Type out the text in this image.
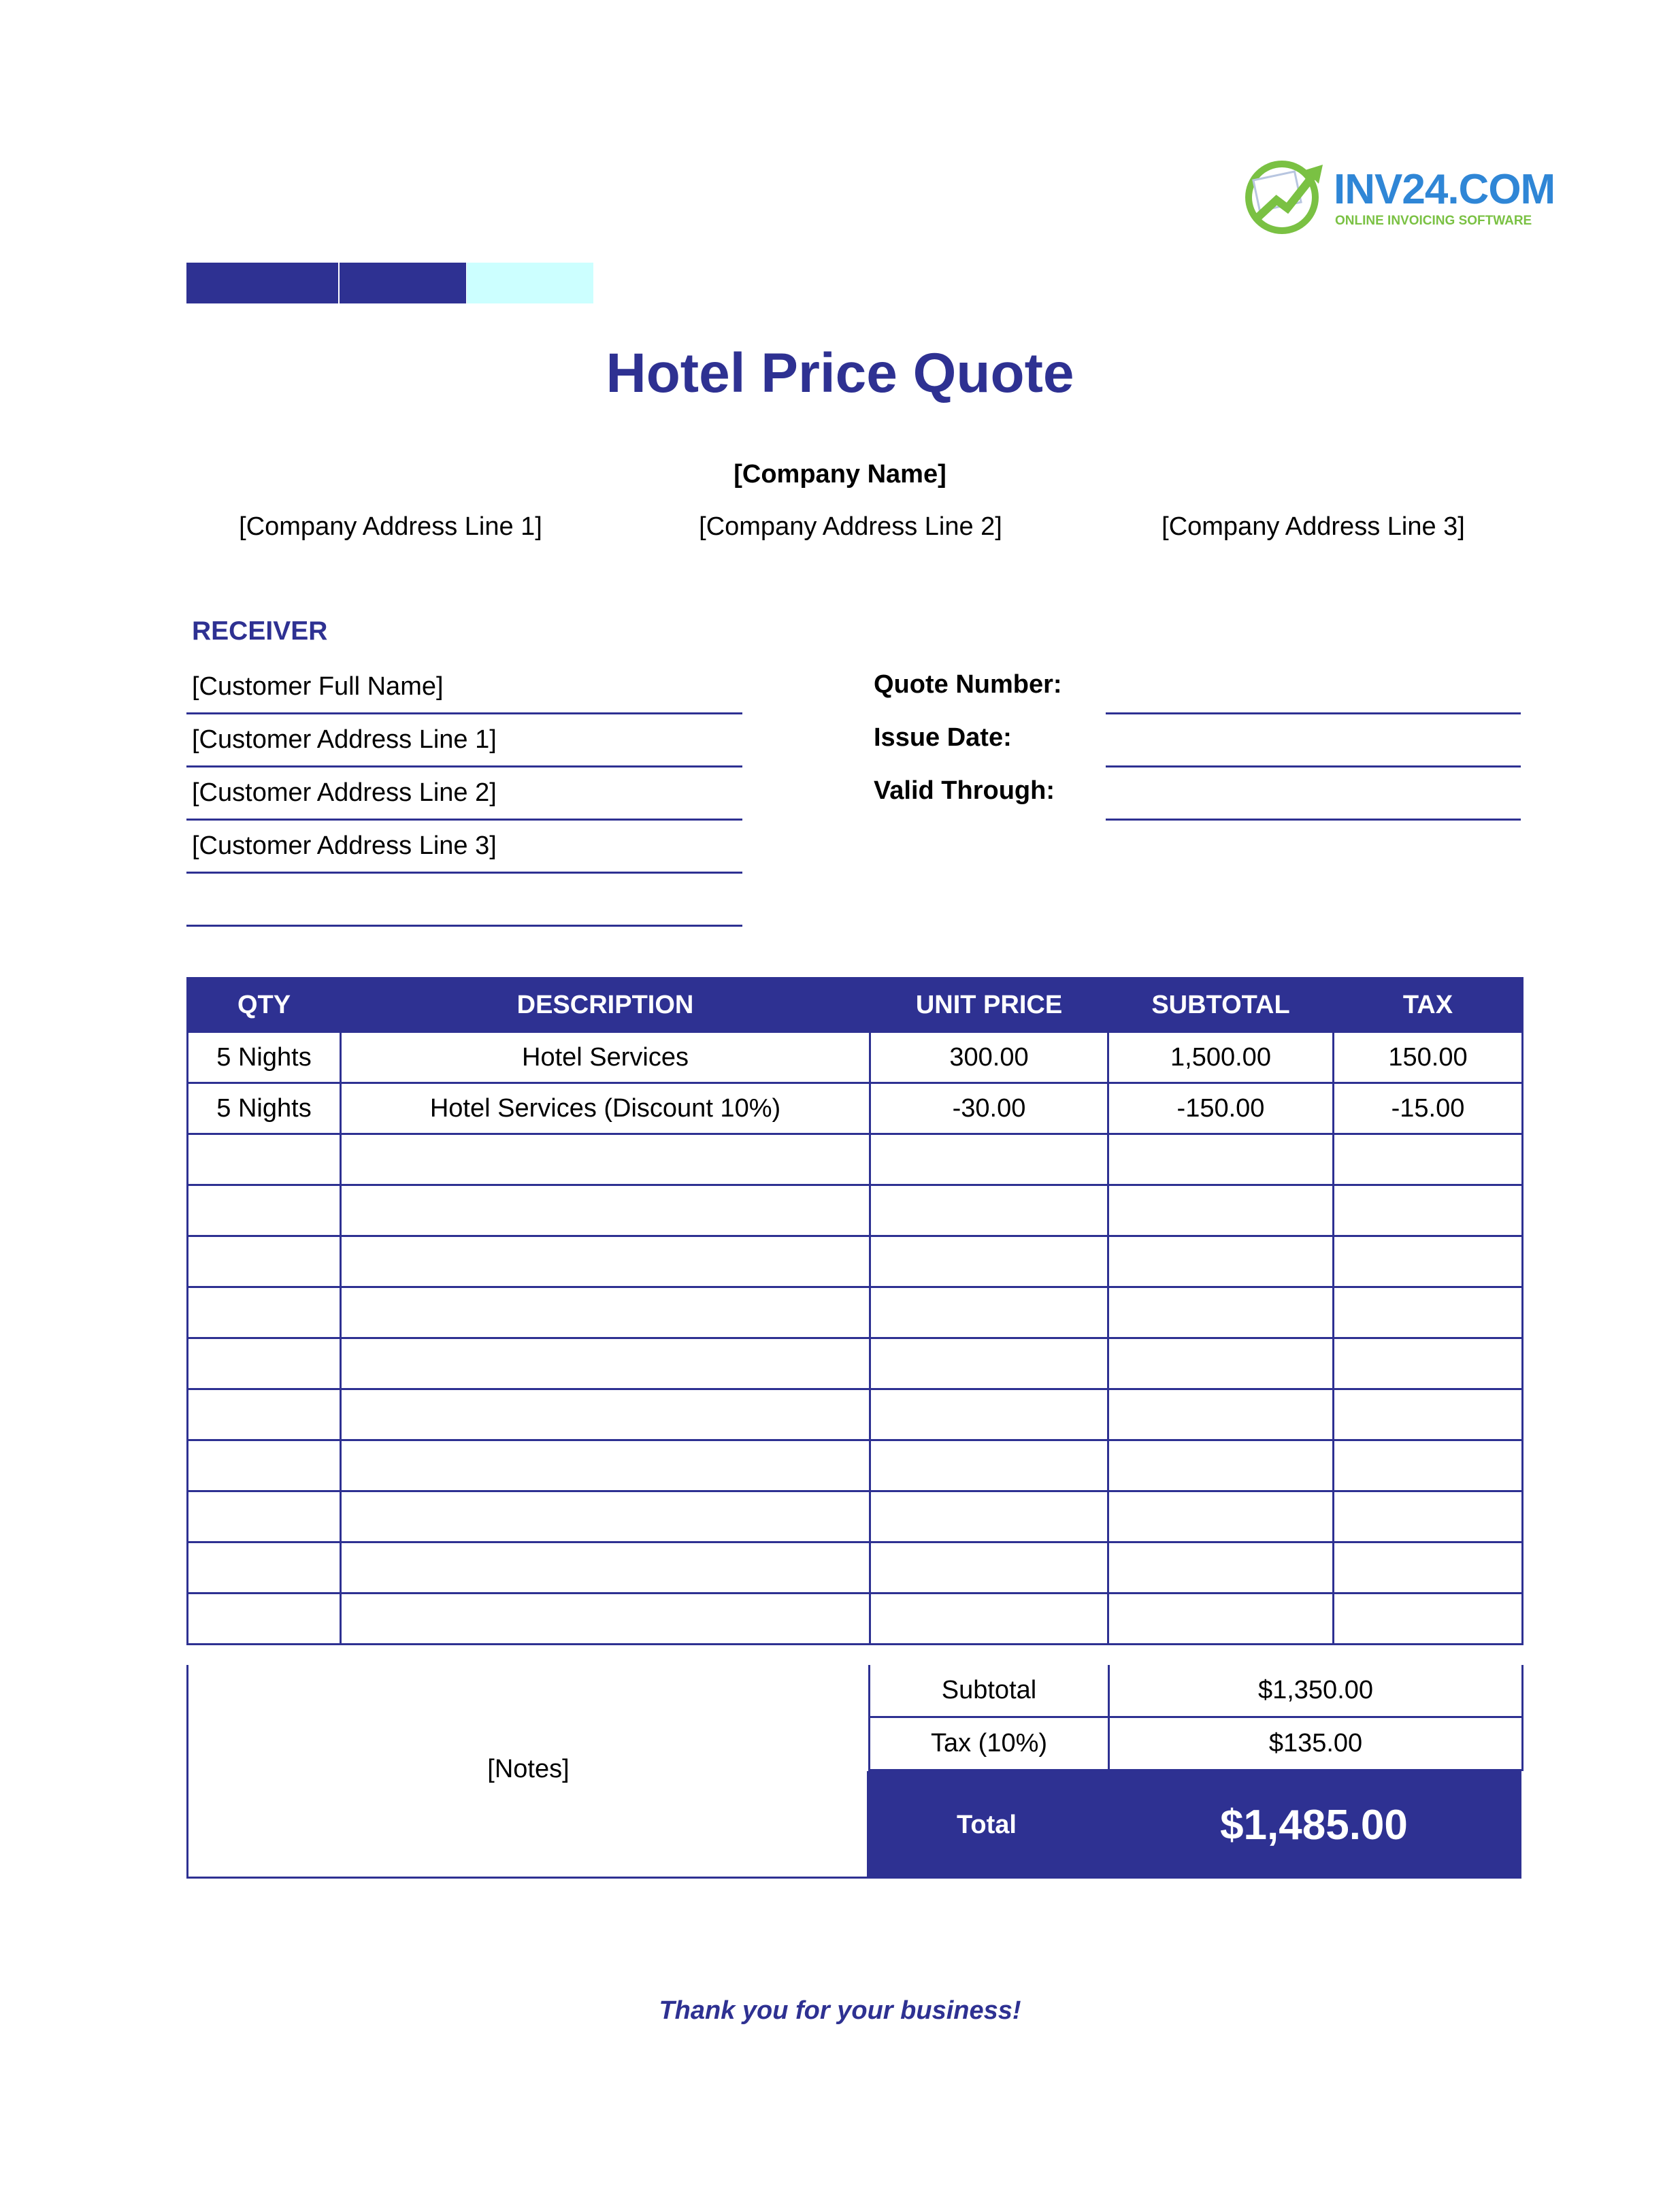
INV24.COM
ONLINE INVOICING SOFTWARE
Hotel Price Quote
[Company Name]
[Company Address Line 1]	[Company Address Line 2]	[Company Address Line 3]
RECEIVER
[Customer Full Name]
[Customer Address Line 1]
[Customer Address Line 2]
[Customer Address Line 3]
Quote Number:
Issue Date:
Valid Through:
QTY	DESCRIPTION	UNIT PRICE	SUBTOTAL	TAX
5 Nights	Hotel Services	300.00	1,500.00	150.00
5 Nights	Hotel Services (Discount 10%)	-30.00	-150.00	-15.00

[Notes]
Subtotal	$1,350.00
Tax (10%)	$135.00
Total	$1,485.00
Thank you for your business!
